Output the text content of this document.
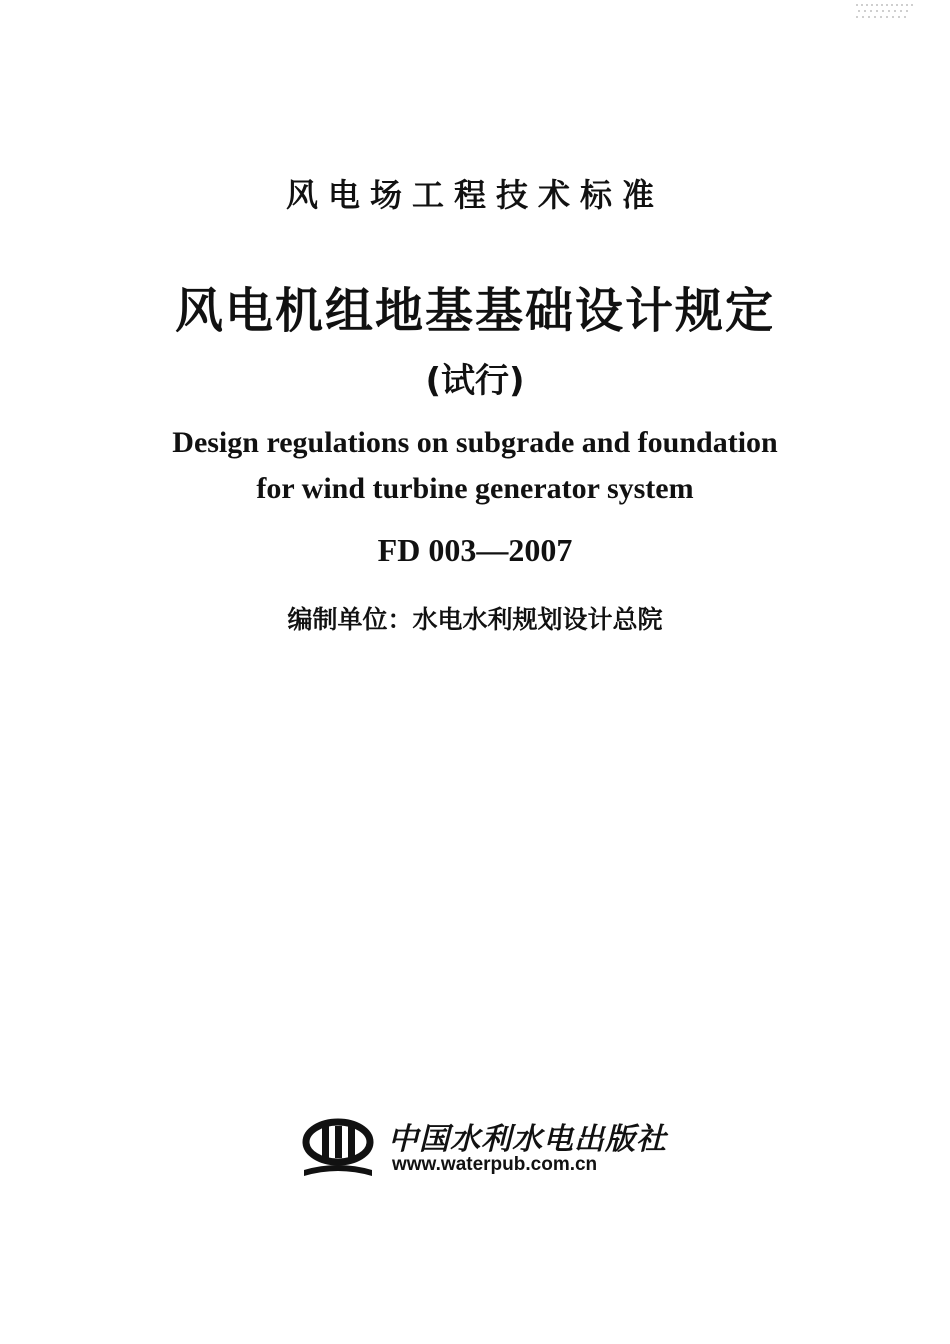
风电场工程技术标准
风电机组地基基础设计规定
(试行)
Design regulations on subgrade and foundation
for wind turbine generator system
FD 003—2007
编制单位：水电水利规划设计总院
中国水利水电出版社
www.waterpub.com.cn
